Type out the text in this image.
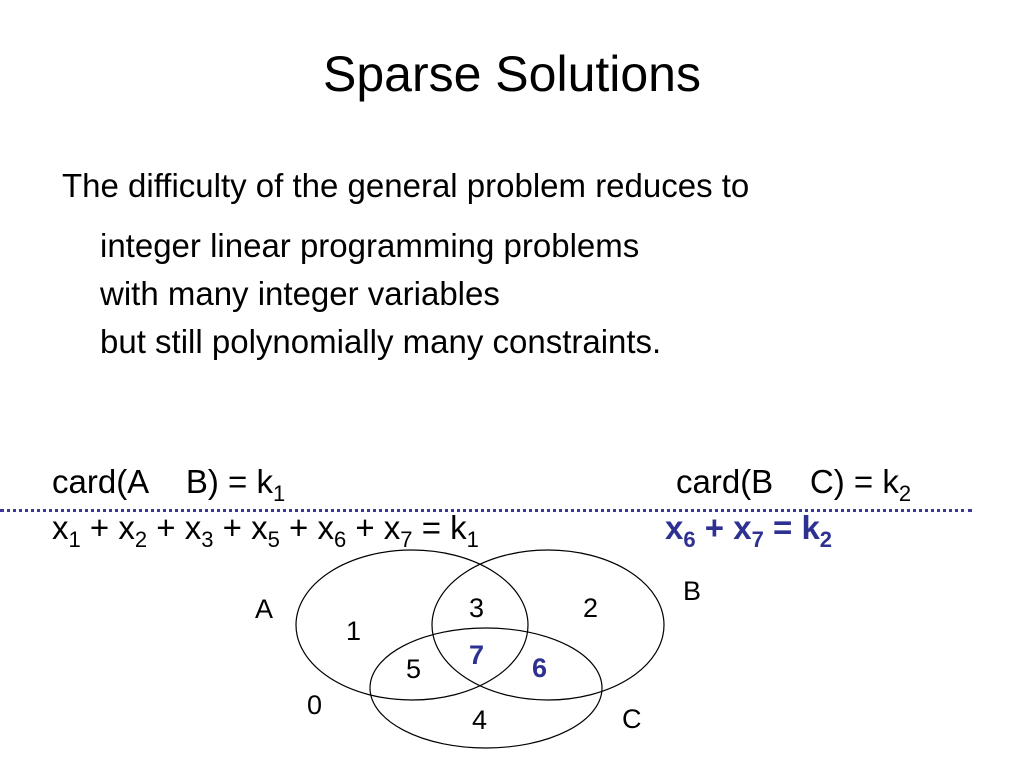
Sparse Solutions
The difficulty of the general problem reduces to
integer linear programming problems
with many integer variables
but still polynomially many constraints.
card(A $B) = k_1$	card(B $C) = k_2$
$x_1 + x_2 + x_3 + x_5 + x_6 + x_7 = k_1$	$x_6 + x_7 = k_2$
A
B
C
0
1
2
3
4
5	6
7
